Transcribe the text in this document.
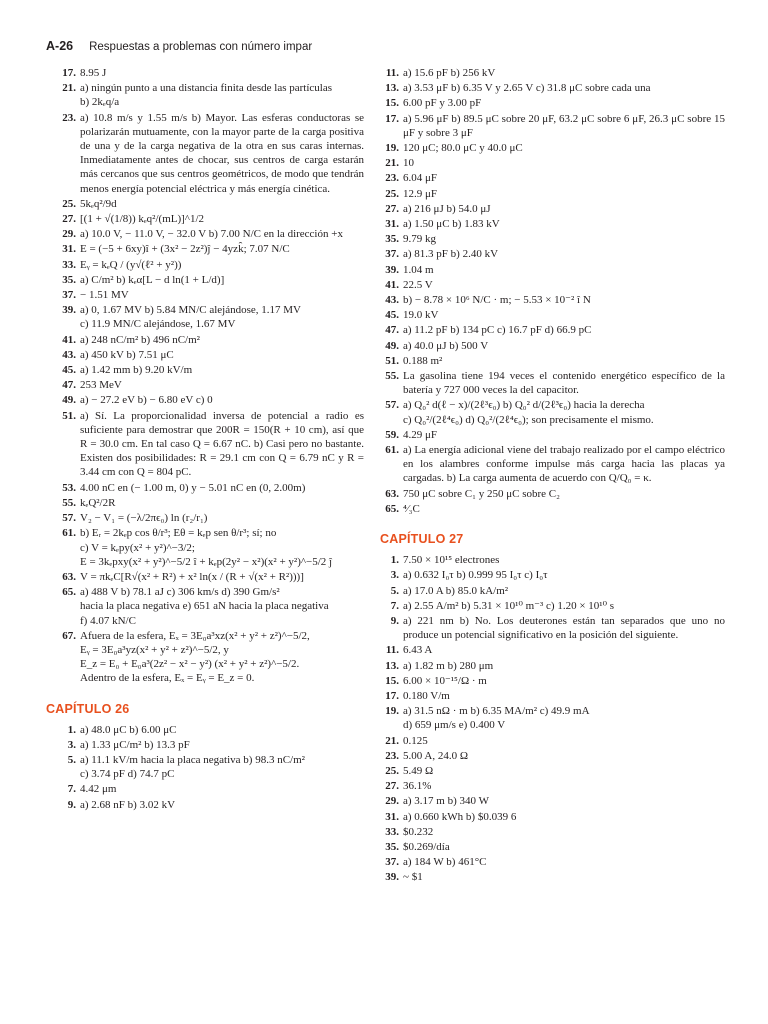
A-26 Respuestas a problemas con número impar
17 . 8.95 J
21 . a) ningún punto a una distancia finita desde las partículas
b) 2kₑq/a
23 . a) 10.8 m/s y 1.55 m/s b) Mayor. Las esferas conductoras se polarizarán mutuamente, con la mayor parte de la carga positiva de una y de la carga negativa de la otra en sus caras internas. Inmediatamente antes de chocar, sus centros de carga estarán más cercanos que sus centros geométricos, de modo que tendrán menos energía potencial eléctrica y más energía cinética.
25 . 5kₑq²/9d
27 . [(1 + √(1/8)) kₑq²/(mL)]^1/2
29 . a) 10.0 V, − 11.0 V, − 32.0 V b) 7.00 N/C en la dirección +x
31 . E = (−5 + 6xy)î + (3x² − 2z²)ĵ − 4yzk̂; 7.07 N/C
33 . Eᵧ = kₑQ / (y√(ℓ² + y²))
35 . a) C/m² b) kₑα[L − d ln(1 + L/d)]
37 . − 1.51 MV
39 . a) 0, 1.67 MV b) 5.84 MN/C alejándose, 1.17 MV
c) 11.9 MN/C alejándose, 1.67 MV
41 . a) 248 nC/m² b) 496 nC/m²
43 . a) 450 kV b) 7.51 μC
45 . a) 1.42 mm b) 9.20 kV/m
47 . 253 MeV
49 . a) − 27.2 eV b) − 6.80 eV c) 0
51 . a) Sí. La proporcionalidad inversa de potencial a radio es suficiente para demostrar que 200R = 150(R + 10 cm), así que R = 30.0 cm. En tal caso Q = 6.67 nC. b) Casi pero no bastante. Existen dos posibilidades: R = 29.1 cm con Q = 6.79 nC y R = 3.44 cm con Q = 804 pC.
53 . 4.00 nC en (− 1.00 m, 0) y − 5.01 nC en (0, 2.00m)
55 . kₑQ²/2R
57 . V₂ − V₁ = (−λ/2πϵ₀) ln (r₂/r₁)
61 . b) Eᵣ = 2kₑp cos θ/r³; Eθ = kₑp sen θ/r³; sí; no
c) V = kₑpy(x² + y²)^−3/2;
E = 3kₑpxy(x² + y²)^−5/2 î + kₑp(2y² − x²)(x² + y²)^−5/2 ĵ
63 . V = πkₑC[R√(x² + R²) + x² ln(x / (R + √(x² + R²)))]
65 . a) 488 V b) 78.1 aJ c) 306 km/s d) 390 Gm/s²
hacia la placa negativa e) 651 aN hacia la placa negativa
f) 4.07 kN/C
67 . Afuera de la esfera, Eₓ = 3E₀a³xz(x² + y² + z²)^−5/2,
Eᵧ = 3E₀a³yz(x² + y² + z²)^−5/2, y
E_z = E₀ + E₀a³(2z² − x² − y²) (x² + y² + z²)^−5/2.
Adentro de la esfera, Eₓ = Eᵧ = E_z = 0.
CAPÍTULO 26
1 . a) 48.0 μC b) 6.00 μC
3 . a) 1.33 μC/m² b) 13.3 pF
5 . a) 11.1 kV/m hacia la placa negativa b) 98.3 nC/m²
c) 3.74 pF d) 74.7 pC
7 . 4.42 μm
9 . a) 2.68 nF b) 3.02 kV
11 . a) 15.6 pF b) 256 kV
13 . a) 3.53 μF b) 6.35 V y 2.65 V c) 31.8 μC sobre cada una
15 . 6.00 pF y 3.00 pF
17 . a) 5.96 μF b) 89.5 μC sobre 20 μF, 63.2 μC sobre 6 μF, 26.3 μC sobre 15 μF y sobre 3 μF
19 . 120 μC; 80.0 μC y 40.0 μC
21 . 10
23 . 6.04 μF
25 . 12.9 μF
27 . a) 216 μJ b) 54.0 μJ
31 . a) 1.50 μC b) 1.83 kV
35 . 9.79 kg
37 . a) 81.3 pF b) 2.40 kV
39 . 1.04 m
41 . 22.5 V
43 . b) − 8.78 × 10⁶ N/C · m; − 5.53 × 10⁻² î N
45 . 19.0 kV
47 . a) 11.2 pF b) 134 pC c) 16.7 pF d) 66.9 pC
49 . a) 40.0 μJ b) 500 V
51 . 0.188 m²
55 . La gasolina tiene 194 veces el contenido energético específico de la batería y 727 000 veces la del capacitor.
57 . a) Q₀² d(ℓ − x)/(2ℓ³ϵ₀) b) Q₀² d/(2ℓ³ϵ₀) hacia la derecha
c) Q₀²/(2ℓ⁴ϵ₀) d) Q₀²/(2ℓ⁴ϵ₀); son precisamente el mismo.
59 . 4.29 μF
61 . a) La energía adicional viene del trabajo realizado por el campo eléctrico en los alambres conforme impulse más carga hacia las placas ya cargadas. b) La carga aumenta de acuerdo con Q/Q₀ = κ.
63 . 750 μC sobre C₁ y 250 μC sobre C₂
65 . ⁴⁄₃C
CAPÍTULO 27
1 . 7.50 × 10¹⁵ electrones
3 . a) 0.632 I₀τ b) 0.999 95 I₀τ c) I₀τ
5 . a) 17.0 A b) 85.0 kA/m²
7 . a) 2.55 A/m² b) 5.31 × 10¹⁰ m⁻³ c) 1.20 × 10¹⁰ s
9 . a) 221 nm b) No. Los deuterones están tan separados que uno no produce un potencial significativo en la posición del siguiente.
11 . 6.43 A
13 . a) 1.82 m b) 280 μm
15 . 6.00 × 10⁻¹⁵/Ω · m
17 . 0.180 V/m
19 . a) 31.5 nΩ · m b) 6.35 MA/m² c) 49.9 mA
d) 659 μm/s e) 0.400 V
21 . 0.125
23 . 5.00 A, 24.0 Ω
25 . 5.49 Ω
27 . 36.1%
29 . a) 3.17 m b) 340 W
31 . a) 0.660 kWh b) $0.039 6
33 . $0.232
35 . $0.269/día
37 . a) 184 W b) 461°C
39 . ~ $1
